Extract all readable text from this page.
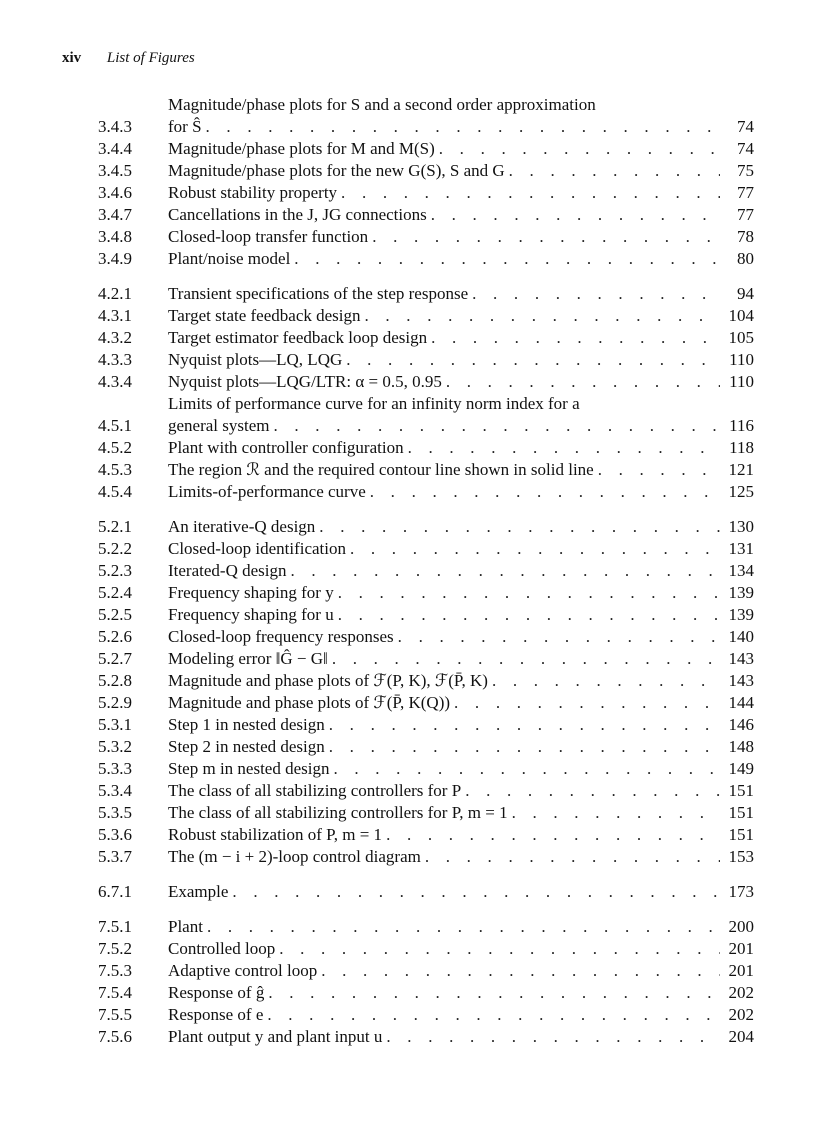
xiv List of Figures
3.4.3
Magnitude/phase plots for S and a second order approximation
for Ŝ . . .	74
3.4.4	Magnitude/phase plots for M and M(S) . . .	74
3.4.5	Magnitude/phase plots for the new G(S), S and G . . .	75
3.4.6	Robust stability property . . .	77
3.4.7	Cancellations in the J, JG connections . . .	77
3.4.8	Closed-loop transfer function . . .	78
3.4.9	Plant/noise model . . .	80
4.2.1	Transient specifications of the step response . . .	94
4.3.1	Target state feedback design . . .	104
4.3.2	Target estimator feedback loop design . . .	105
4.3.3	Nyquist plots—LQ, LQG . . .	110
4.3.4	Nyquist plots—LQG/LTR: α = 0.5, 0.95 . . .	110
4.5.1
Limits of performance curve for an infinity norm index for a
general system . . .	116
4.5.2	Plant with controller configuration . . .	118
4.5.3	The region ℛ and the required contour line shown in solid line . . .	121
4.5.4	Limits-of-performance curve . . .	125
5.2.1	An iterative-Q design . . .	130
5.2.2	Closed-loop identification . . .	131
5.2.3	Iterated-Q design . . .	134
5.2.4	Frequency shaping for y . . .	139
5.2.5	Frequency shaping for u . . .	139
5.2.6	Closed-loop frequency responses . . .	140
5.2.7	Modeling error ‖Ĝ − G‖ . . .	143
5.2.8	Magnitude and phase plots of ℱ(P, K), ℱ(P̄, K) . . .	143
5.2.9	Magnitude and phase plots of ℱ(P̄, K(Q)) . . .	144
5.3.1	Step 1 in nested design . . .	146
5.3.2	Step 2 in nested design . . .	148
5.3.3	Step m in nested design . . .	149
5.3.4	The class of all stabilizing controllers for P . . .	151
5.3.5	The class of all stabilizing controllers for P, m = 1 . . .	151
5.3.6	Robust stabilization of P, m = 1 . . .	151
5.3.7	The (m − i + 2)-loop control diagram . . .	153
6.7.1	Example . . .	173
7.5.1	Plant . . .	200
7.5.2	Controlled loop . . .	201
7.5.3	Adaptive control loop . . .	201
7.5.4	Response of ĝ . . .	202
7.5.5	Response of e . . .	202
7.5.6	Plant output y and plant input u . . .	204
